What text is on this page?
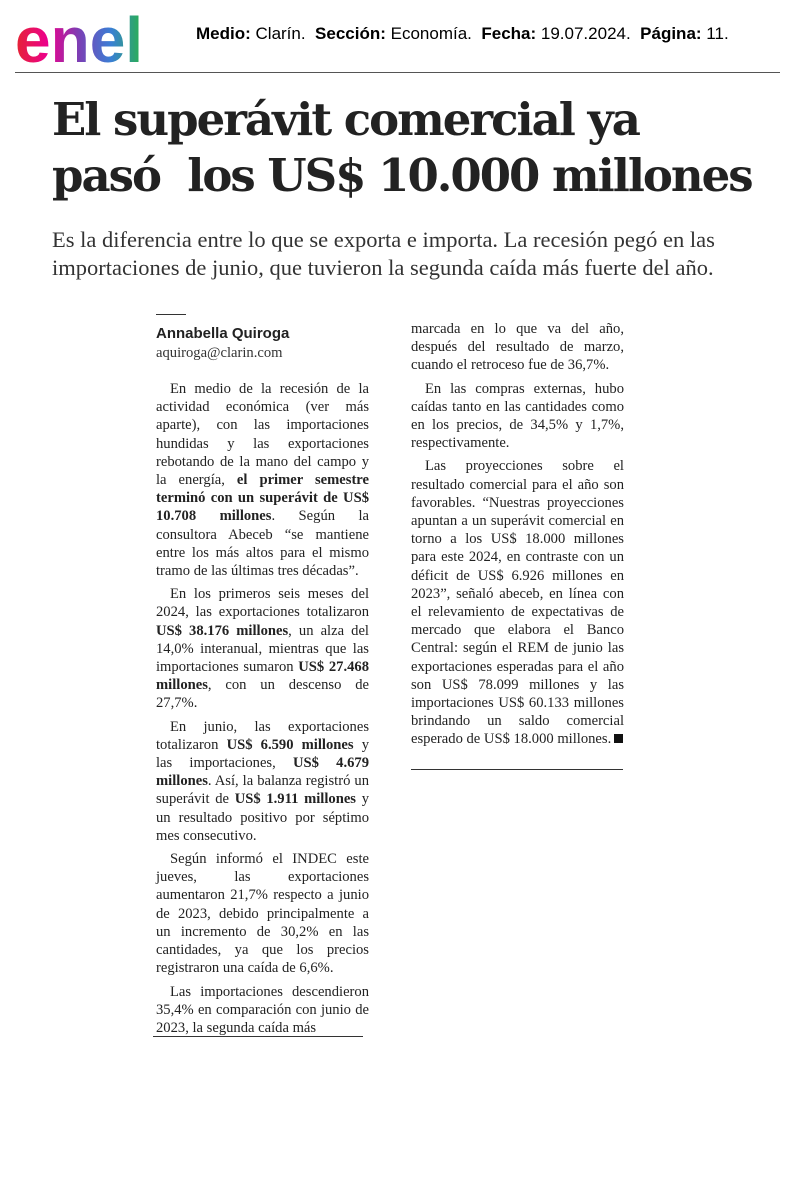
enel	Medio: Clarín. Sección: Economía. Fecha: 19.07.2024. Página: 11.
El superávit comercial ya
pasó  los US$ 10.000 millones

Es la diferencia entre lo que se exporta e importa. La recesión pegó en las importaciones de junio, que tuvieron la segunda caída más fuerte del año.

Annabella Quiroga
aquiroga@clarin.com

En medio de la recesión de la actividad económica (ver más aparte), con las importaciones hundidas y las exportaciones rebotando de la mano del campo y la energía, el primer semestre terminó con un superávit de US$ 10.708 millones. Según la consultora Abeceb “se mantiene entre los más altos para el mismo tramo de las últimas tres décadas”.

En los primeros seis meses del 2024, las exportaciones totalizaron US$ 38.176 millones, un alza del 14,0% interanual, mientras que las importaciones sumaron US$ 27.468 millones, con un descenso de 27,7%.

En junio, las exportaciones totalizaron US$ 6.590 millones y las importaciones, US$ 4.679 millones. Así, la balanza registró un superávit de US$ 1.911 millones y un resultado positivo por séptimo mes consecutivo.

Según informó el INDEC este jueves, las exportaciones aumentaron 21,7% respecto a junio de 2023, debido principalmente a un incremento de 30,2% en las cantidades, ya que los precios registraron una caída de 6,6%.

Las importaciones descendieron 35,4% en comparación con junio de 2023, la segunda caída más

marcada en lo que va del año, después del resultado de marzo, cuando el retroceso fue de 36,7%.

En las compras externas, hubo caídas tanto en las cantidades como en los precios, de 34,5% y 1,7%, respectivamente.

Las proyecciones sobre el resultado comercial para el año son favorables. “Nuestras proyecciones apuntan a un superávit comercial en torno a los US$ 18.000 millones para este 2024, en contraste con un déficit de US$ 6.926 millones en 2023”, señaló abeceb, en línea con el relevamiento de expectativas de mercado que elabora el Banco Central: según el REM de junio las exportaciones esperadas para el año son US$ 78.099 millones y las importaciones US$ 60.133 millones brindando un saldo comercial esperado de US$ 18.000 millones.
